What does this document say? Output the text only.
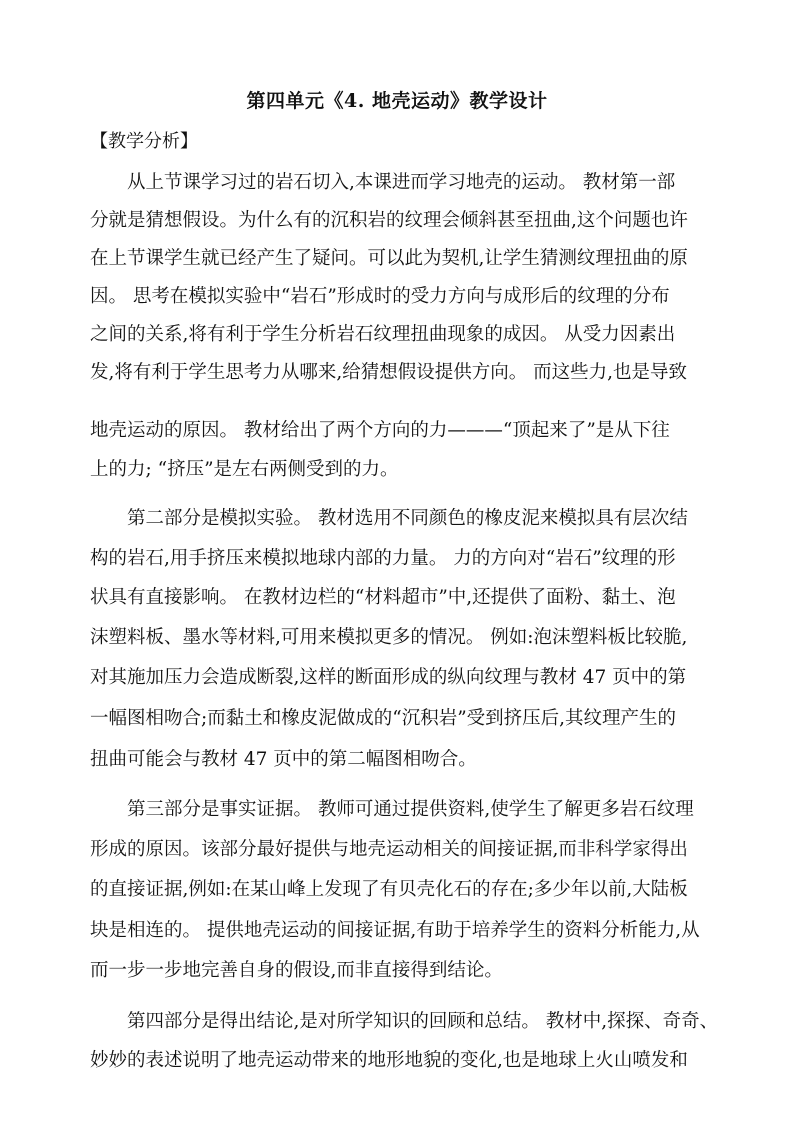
第四单元《4. 地壳运动》教学设计
【教学分析】
从上节课学习过的岩石切入,本课进而学习地壳的运动。 教材第一部
分就是猜想假设。为什么有的沉积岩的纹理会倾斜甚至扭曲,这个问题也许
在上节课学生就已经产生了疑问。可以此为契机,让学生猜测纹理扭曲的原
因。 思考在模拟实验中“岩石”形成时的受力方向与成形后的纹理的分布
之间的关系,将有利于学生分析岩石纹理扭曲现象的成因。 从受力因素出
发,将有利于学生思考力从哪来,给猜想假设提供方向。 而这些力,也是导致
地壳运动的原因。 教材给出了两个方向的力———“顶起来了”是从下往
上的力; “挤压”是左右两侧受到的力。
第二部分是模拟实验。 教材选用不同颜色的橡皮泥来模拟具有层次结
构的岩石,用手挤压来模拟地球内部的力量。 力的方向对“岩石”纹理的形
状具有直接影响。 在教材边栏的“材料超市”中,还提供了面粉、黏土、泡
沫塑料板、墨水等材料,可用来模拟更多的情况。 例如:泡沫塑料板比较脆,
对其施加压力会造成断裂,这样的断面形成的纵向纹理与教材 47 页中的第
一幅图相吻合;而黏土和橡皮泥做成的“沉积岩”受到挤压后,其纹理产生的
扭曲可能会与教材 47 页中的第二幅图相吻合。
第三部分是事实证据。 教师可通过提供资料,使学生了解更多岩石纹理
形成的原因。该部分最好提供与地壳运动相关的间接证据,而非科学家得出
的直接证据,例如:在某山峰上发现了有贝壳化石的存在;多少年以前,大陆板
块是相连的。 提供地壳运动的间接证据,有助于培养学生的资料分析能力,从
而一步一步地完善自身的假设,而非直接得到结论。
第四部分是得出结论,是对所学知识的回顾和总结。 教材中,探探、奇奇、
妙妙的表述说明了地壳运动带来的地形地貌的变化,也是地球上火山喷发和
